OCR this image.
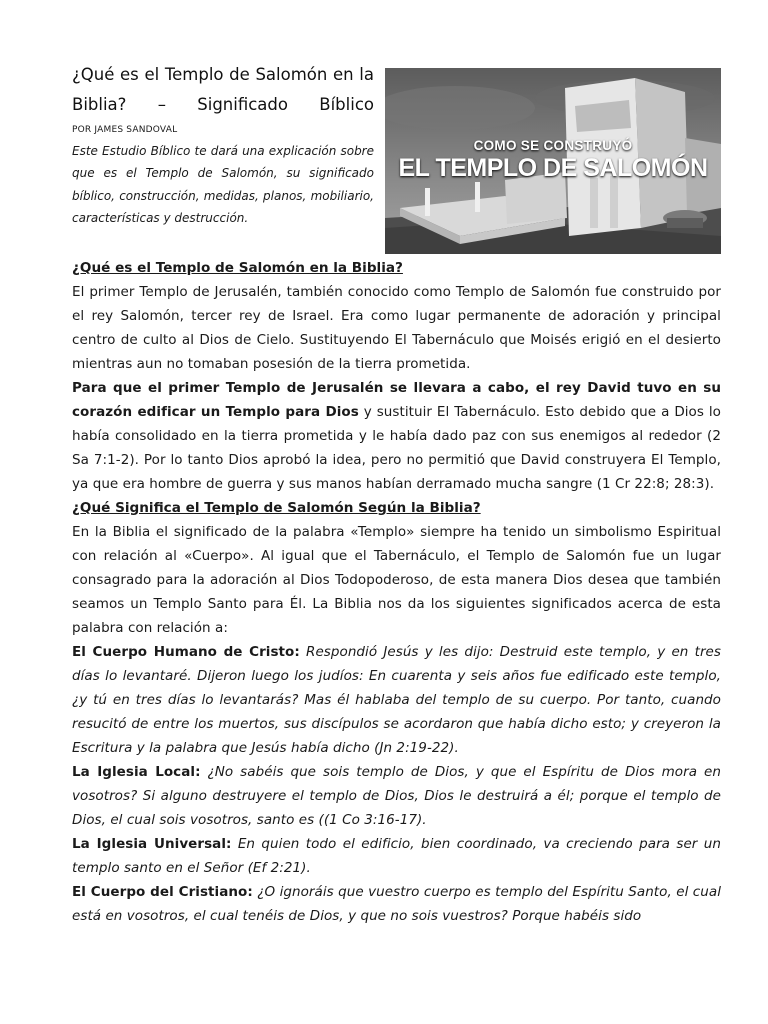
¿Qué es el Templo de Salomón en la Biblia? – Significado Bíblico
POR JAMES SANDOVAL

Este Estudio Bíblico te dará una explicación sobre que es el Templo de Salomón, su significado bíblico, construcción, medidas, planos, mobiliario, características y destrucción.

COMO SE CONSTRUYÓ
EL TEMPLO DE SALOMÓN
¿Qué es el Templo de Salomón en la Biblia?

El primer Templo de Jerusalén, también conocido como Templo de Salomón fue construido por el rey Salomón, tercer rey de Israel. Era como lugar permanente de adoración y principal centro de culto al Dios de Cielo. Sustituyendo El Tabernáculo que Moisés erigió en el desierto mientras aun no tomaban posesión de la tierra prometida.

Para que el primer Templo de Jerusalén se llevara a cabo, el rey David tuvo en su corazón edificar un Templo para Dios y sustituir El Tabernáculo. Esto debido que a Dios lo había consolidado en la tierra prometida y le había dado paz con sus enemigos al rededor (2 Sa 7:1-2). Por lo tanto Dios aprobó la idea, pero no permitió que David construyera El Templo, ya que era hombre de guerra y sus manos habían derramado mucha sangre (1 Cr 22:8; 28:3).

¿Qué Significa el Templo de Salomón Según la Biblia?

En la Biblia el significado de la palabra «Templo» siempre ha tenido un simbolismo Espiritual con relación al «Cuerpo». Al igual que el Tabernáculo, el Templo de Salomón fue un lugar consagrado para la adoración al Dios Todopoderoso, de esta manera Dios desea que también seamos un Templo Santo para Él. La Biblia nos da los siguientes significados acerca de esta palabra con relación a:

El Cuerpo Humano de Cristo: Respondió Jesús y les dijo: Destruid este templo, y en tres días lo levantaré. Dijeron luego los judíos: En cuarenta y seis años fue edificado este templo, ¿y tú en tres días lo levantarás? Mas él hablaba del templo de su cuerpo. Por tanto, cuando resucitó de entre los muertos, sus discípulos se acordaron que había dicho esto; y creyeron la Escritura y la palabra que Jesús había dicho (Jn 2:19-22).

La Iglesia Local: ¿No sabéis que sois templo de Dios, y que el Espíritu de Dios mora en vosotros? Si alguno destruyere el templo de Dios, Dios le destruirá a él; porque el templo de Dios, el cual sois vosotros, santo es ((1 Co 3:16-17).

La Iglesia Universal: En quien todo el edificio, bien coordinado, va creciendo para ser un templo santo en el Señor (Ef 2:21).

El Cuerpo del Cristiano: ¿O ignoráis que vuestro cuerpo es templo del Espíritu Santo, el cual está en vosotros, el cual tenéis de Dios, y que no sois vuestros? Porque habéis sido
